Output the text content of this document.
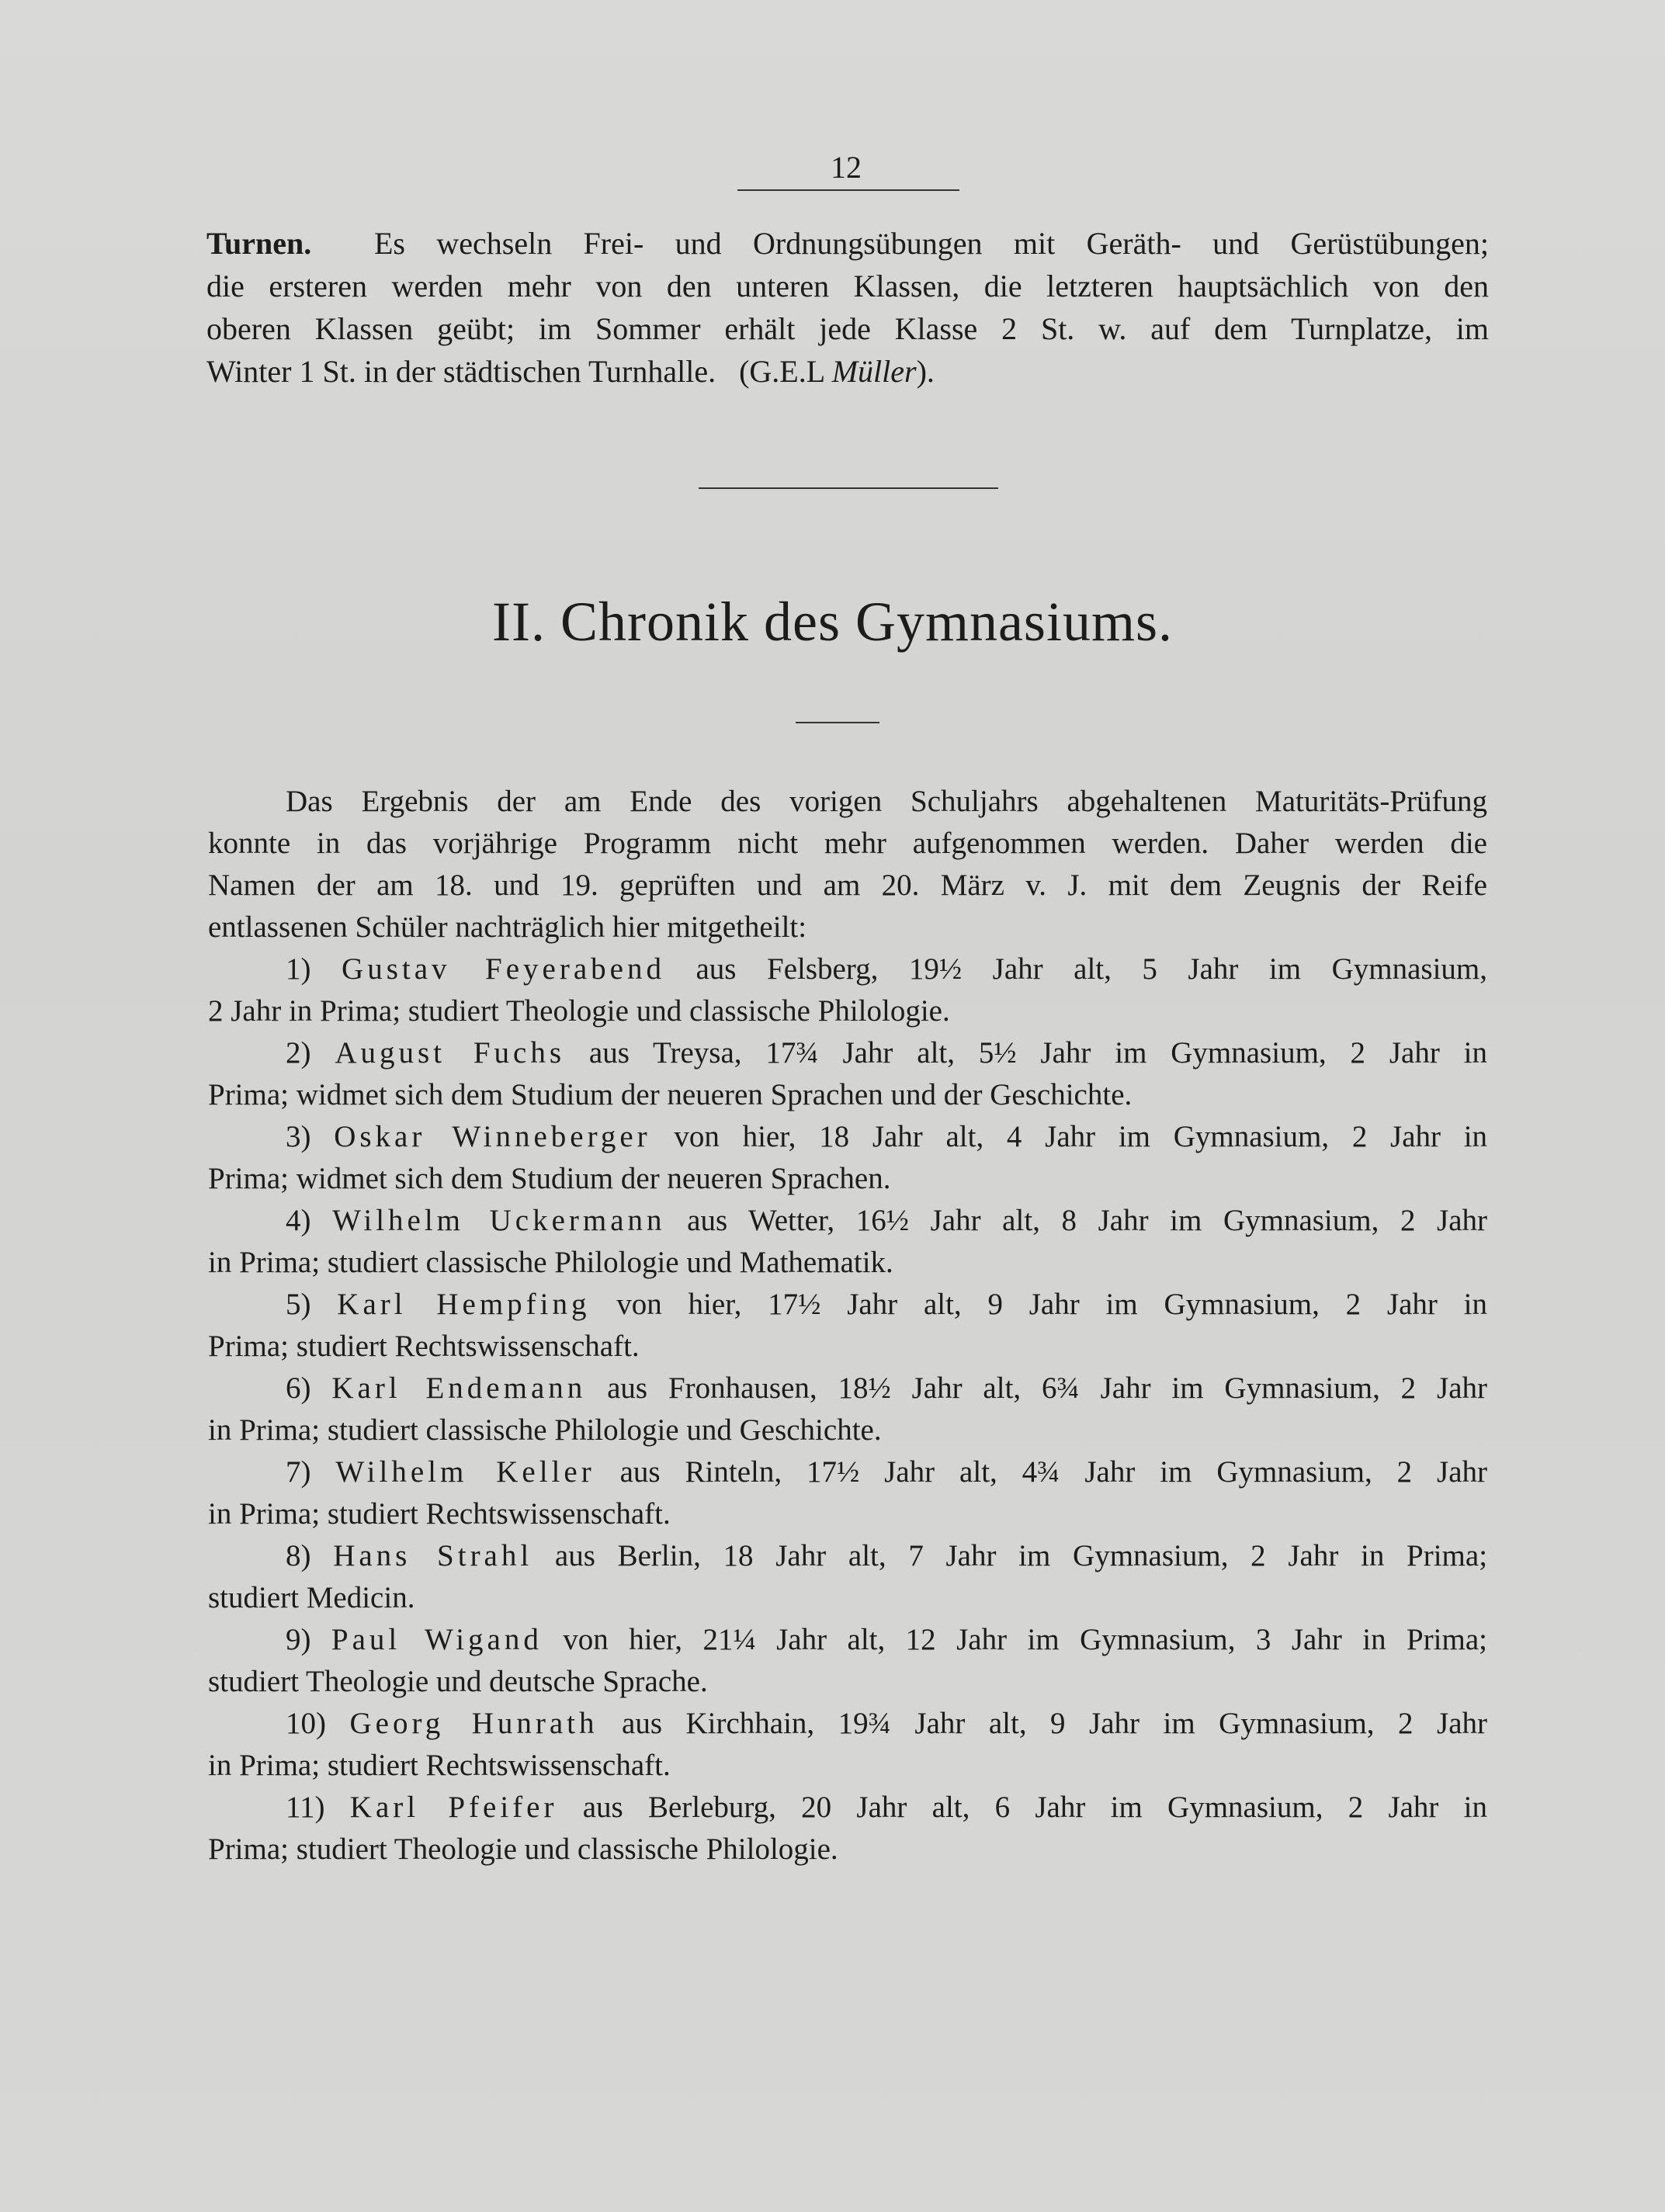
12

Turnen. Es wechseln Frei- und Ordnungsübungen mit Geräth- und Gerüstübungen;

die ersteren werden mehr von den unteren Klassen, die letzteren hauptsächlich von den

oberen Klassen geübt; im Sommer erhält jede Klasse 2 St. w. auf dem Turnplatze, im

Winter 1 St. in der städtischen Turnhalle.   (G.E.L Müller).

II. Chronik des Gymnasiums.
Das Ergebnis der am Ende des vorigen Schuljahrs abgehaltenen Maturitäts-Prüfung
konnte in das vorjährige Programm nicht mehr aufgenommen werden. Daher werden die
Namen der am 18. und 19. geprüften und am 20. März v. J. mit dem Zeugnis der Reife
entlassenen Schüler nachträglich hier mitgetheilt:
1) Gustav Feyerabend aus Felsberg, 19½ Jahr alt, 5 Jahr im Gymnasium,
2 Jahr in Prima; studiert Theologie und classische Philologie.
2) August Fuchs aus Treysa, 17¾ Jahr alt, 5½ Jahr im Gymnasium, 2 Jahr in
Prima; widmet sich dem Studium der neueren Sprachen und der Geschichte.
3) Oskar Winneberger von hier, 18 Jahr alt, 4 Jahr im Gymnasium, 2 Jahr in
Prima; widmet sich dem Studium der neueren Sprachen.
4) Wilhelm Uckermann aus Wetter, 16½ Jahr alt, 8 Jahr im Gymnasium, 2 Jahr
in Prima; studiert classische Philologie und Mathematik.
5) Karl Hempfing von hier, 17½ Jahr alt, 9 Jahr im Gymnasium, 2 Jahr in
Prima; studiert Rechtswissenschaft.
6) Karl Endemann aus Fronhausen, 18½ Jahr alt, 6¾ Jahr im Gymnasium, 2 Jahr
in Prima; studiert classische Philologie und Geschichte.
7) Wilhelm Keller aus Rinteln, 17½ Jahr alt, 4¾ Jahr im Gymnasium, 2 Jahr
in Prima; studiert Rechtswissenschaft.
8) Hans Strahl aus Berlin, 18 Jahr alt, 7 Jahr im Gymnasium, 2 Jahr in Prima;
studiert Medicin.
9) Paul Wigand von hier, 21¼ Jahr alt, 12 Jahr im Gymnasium, 3 Jahr in Prima;
studiert Theologie und deutsche Sprache.
10) Georg Hunrath aus Kirchhain, 19¾ Jahr alt, 9 Jahr im Gymnasium, 2 Jahr
in Prima; studiert Rechtswissenschaft.
11) Karl Pfeifer aus Berleburg, 20 Jahr alt, 6 Jahr im Gymnasium, 2 Jahr in
Prima; studiert Theologie und classische Philologie.
